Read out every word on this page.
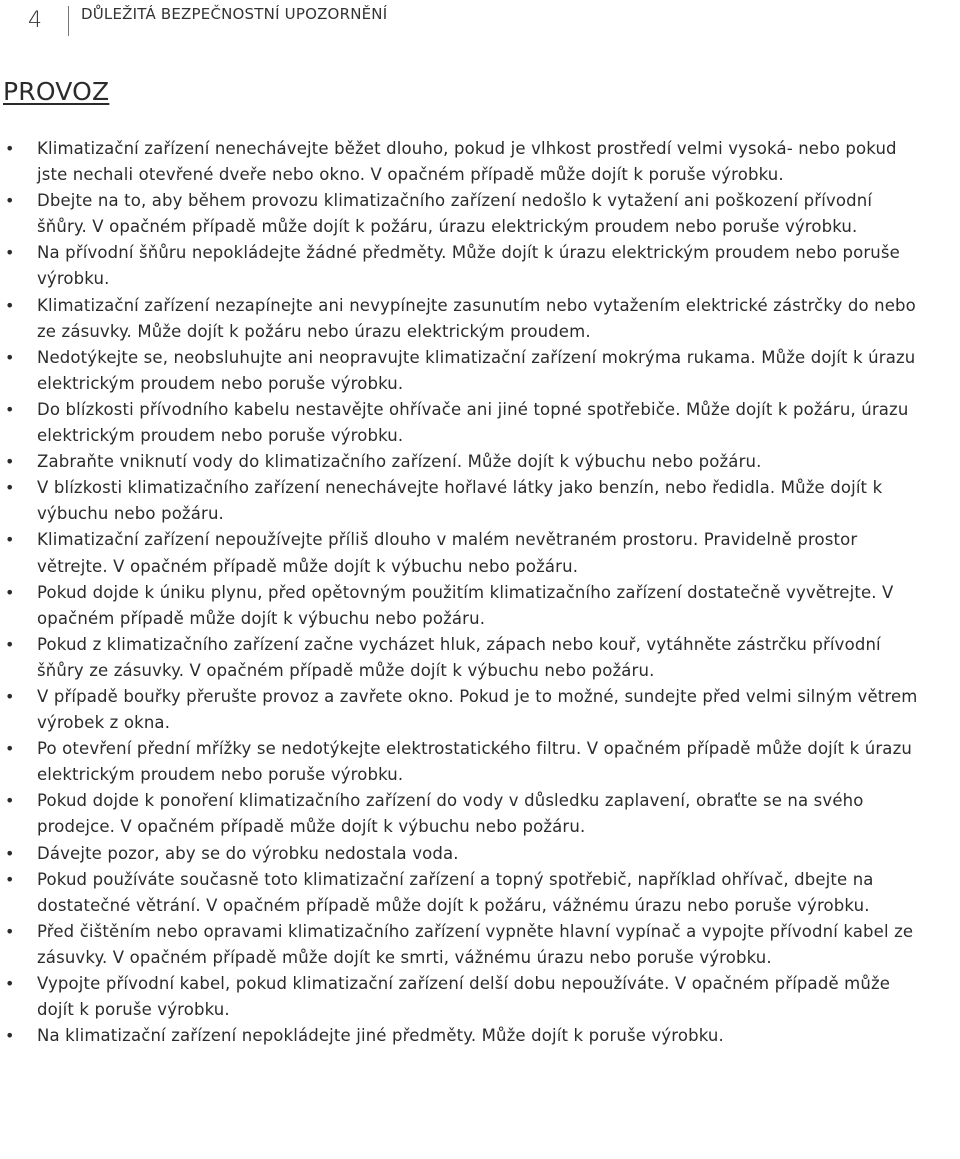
4	DŮLEŽITÁ BEZPEČNOSTNÍ UPOZORNĚNÍ
PROVOZ
• Klimatizační zařízení nenechávejte běžet dlouho, pokud je vlhkost prostředí velmi vysoká- nebo pokud jste nechali otevřené dveře nebo okno. V opačném případě může dojít k poruše výrobku.
• Dbejte na to, aby během provozu klimatizačního zařízení nedošlo k vytažení ani poškození přívodní šňůry. V opačném případě může dojít k požáru, úrazu elektrickým proudem nebo poruše výrobku.
• Na přívodní šňůru nepokládejte žádné předměty. Může dojít k úrazu elektrickým proudem nebo poruše výrobku.
• Klimatizační zařízení nezapínejte ani nevypínejte zasunutím nebo vytažením elektrické zástrčky do nebo ze zásuvky. Může dojít k požáru nebo úrazu elektrickým proudem.
• Nedotýkejte se, neobsluhujte ani neopravujte klimatizační zařízení mokrýma rukama. Může dojít k úrazu elektrickým proudem nebo poruše výrobku.
• Do blízkosti přívodního kabelu nestavějte ohřívače ani jiné topné spotřebiče. Může dojít k požáru, úrazu elektrickým proudem nebo poruše výrobku.
• Zabraňte vniknutí vody do klimatizačního zařízení. Může dojít k výbuchu nebo požáru.
• V blízkosti klimatizačního zařízení nenechávejte hořlavé látky jako benzín, nebo ředidla. Může dojít k výbuchu nebo požáru.
• Klimatizační zařízení nepoužívejte příliš dlouho v malém nevětraném prostoru. Pravidelně prostor větrejte. V opačném případě může dojít k výbuchu nebo požáru.
• Pokud dojde k úniku plynu, před opětovným použitím klimatizačního zařízení dostatečně vyvětrejte. V opačném případě může dojít k výbuchu nebo požáru.
• Pokud z klimatizačního zařízení začne vycházet hluk, zápach nebo kouř, vytáhněte zástrčku přívodní šňůry ze zásuvky. V opačném případě může dojít k výbuchu nebo požáru.
• V případě bouřky přerušte provoz a zavřete okno. Pokud je to možné, sundejte před velmi silným větrem výrobek z okna.
• Po otevření přední mřížky se nedotýkejte elektrostatického filtru. V opačném případě může dojít k úrazu elektrickým proudem nebo poruše výrobku.
• Pokud dojde k ponoření klimatizačního zařízení do vody v důsledku zaplavení, obraťte se na svého prodejce. V opačném případě může dojít k výbuchu nebo požáru.
• Dávejte pozor, aby se do výrobku nedostala voda.
• Pokud používáte současně toto klimatizační zařízení a topný spotřebič, například ohřívač, dbejte na dostatečné větrání. V opačném případě může dojít k požáru, vážnému úrazu nebo poruše výrobku.
• Před čištěním nebo opravami klimatizačního zařízení vypněte hlavní vypínač a vypojte přívodní kabel ze zásuvky. V opačném případě může dojít ke smrti, vážnému úrazu nebo poruše výrobku.
• Vypojte přívodní kabel, pokud klimatizační zařízení delší dobu nepoužíváte. V opačném případě může dojít k poruše výrobku.
• Na klimatizační zařízení nepokládejte jiné předměty. Může dojít k poruše výrobku.
